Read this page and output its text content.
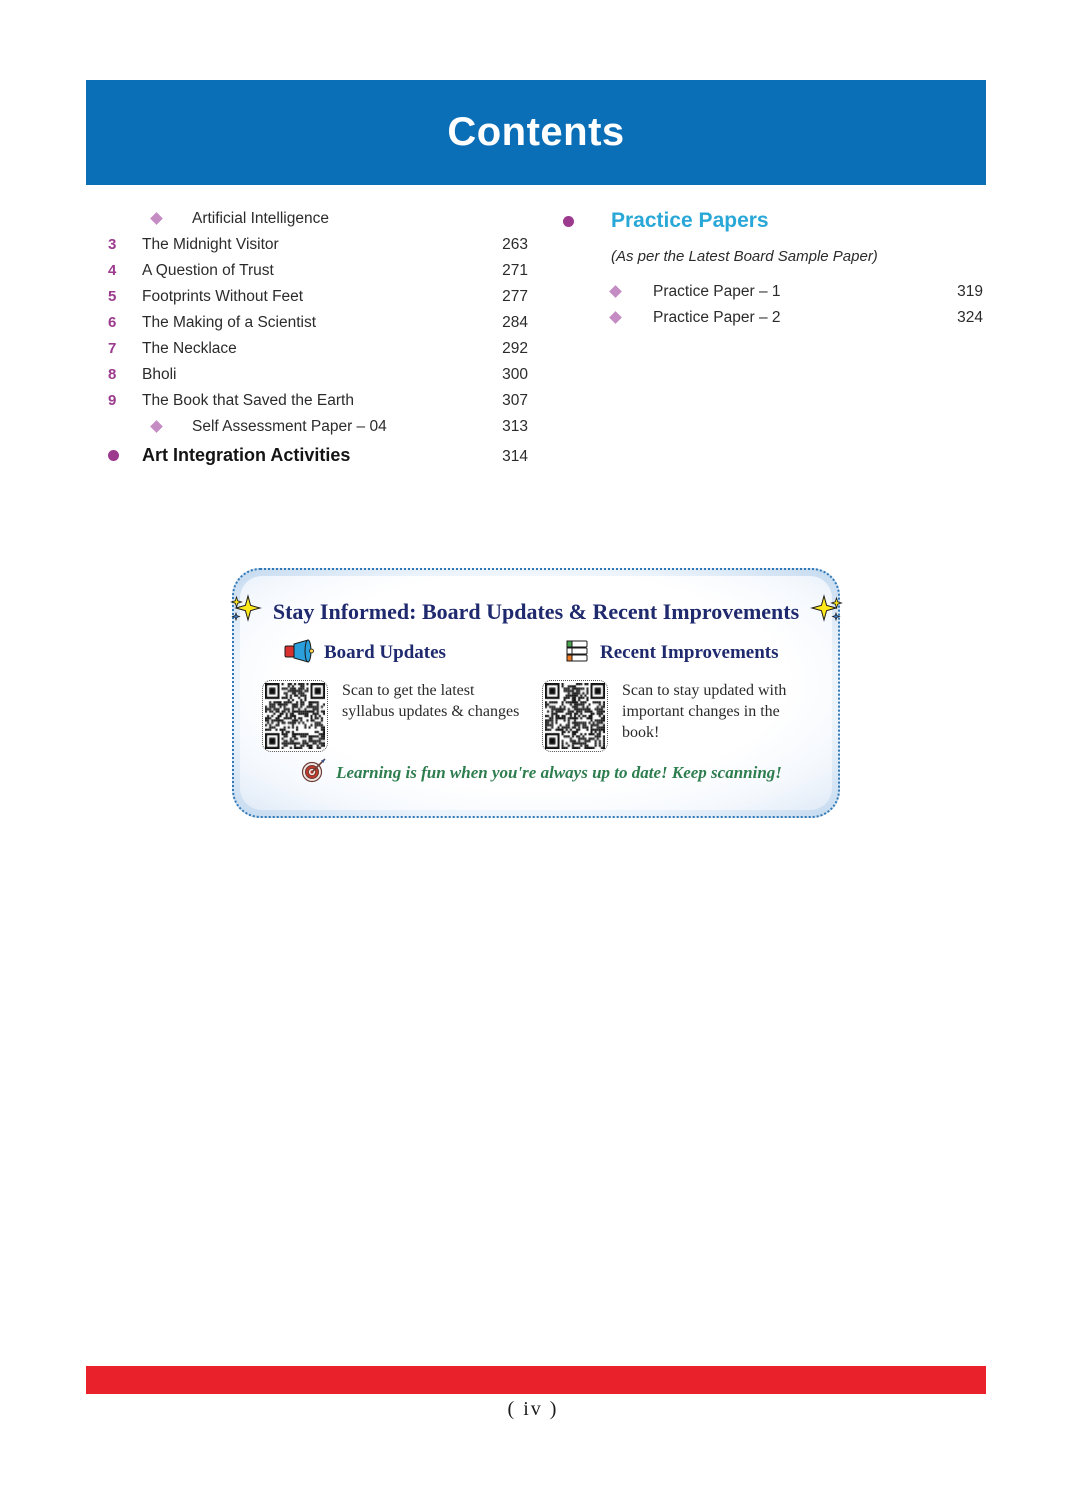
Contents
Artificial Intelligence
3	The Midnight Visitor	263
4	A Question of Trust	271
5	Footprints Without Feet	277
6	The Making of a Scientist	284
7	The Necklace	292
8	Bholi	300
9	The Book that Saved the Earth	307
Self Assessment Paper – 04	313
Art Integration Activities	314
Practice Papers
(As per the Latest Board Sample Paper)
Practice Paper – 1	319
Practice Paper – 2	324
Stay Informed: Board Updates & Recent Improvements
Board Updates
Scan to get the latest syllabus updates & changes
Recent Improvements
Scan to stay updated with important changes in the book!
Learning is fun when you're always up to date! Keep scanning!
( iv )
